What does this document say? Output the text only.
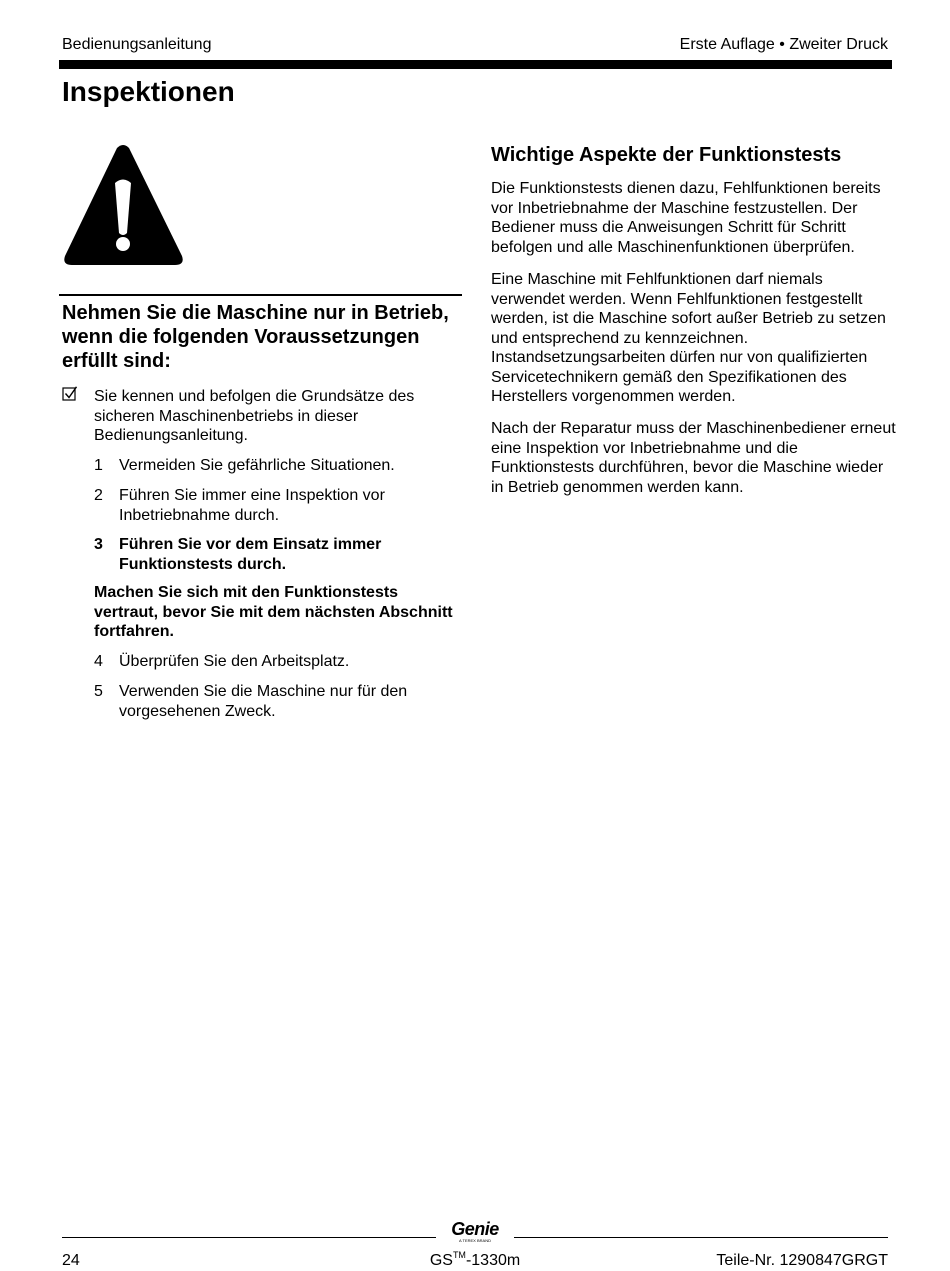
Bedienungsanleitung	Erste Auflage • Zweiter Druck
Inspektionen
Nehmen Sie die Maschine nur in Betrieb, wenn die folgenden Voraussetzungen erfüllt sind:
Sie kennen und befolgen die Grundsätze des sicheren Maschinenbetriebs in dieser Bedienungsanleitung.
1 Vermeiden Sie gefährliche Situationen.
2 Führen Sie immer eine Inspektion vor Inbetriebnahme durch.
3 Führen Sie vor dem Einsatz immer Funktionstests durch.
Machen Sie sich mit den Funktionstests vertraut, bevor Sie mit dem nächsten Abschnitt fortfahren.
4 Überprüfen Sie den Arbeitsplatz.
5 Verwenden Sie die Maschine nur für den vorgesehenen Zweck.
Wichtige Aspekte der Funktionstests

Die Funktionstests dienen dazu, Fehlfunktionen bereits vor Inbetriebnahme der Maschine festzustellen. Der Bediener muss die Anweisungen Schritt für Schritt befolgen und alle Maschinenfunktionen überprüfen.

Eine Maschine mit Fehlfunktionen darf niemals verwendet werden. Wenn Fehlfunktionen festgestellt werden, ist die Maschine sofort außer Betrieb zu setzen und entsprechend zu kennzeichnen. Instandsetzungsarbeiten dürfen nur von qualifizierten Servicetechnikern gemäß den Spezifikationen des Herstellers vorgenommen werden.

Nach der Reparatur muss der Maschinenbediener erneut eine Inspektion vor Inbetriebnahme und die Funktionstests durchführen, bevor die Maschine wieder in Betrieb genommen werden kann.

Genie
A TEREX BRAND
24	GS™-1330m	Teile-Nr. 1290847GRGT
